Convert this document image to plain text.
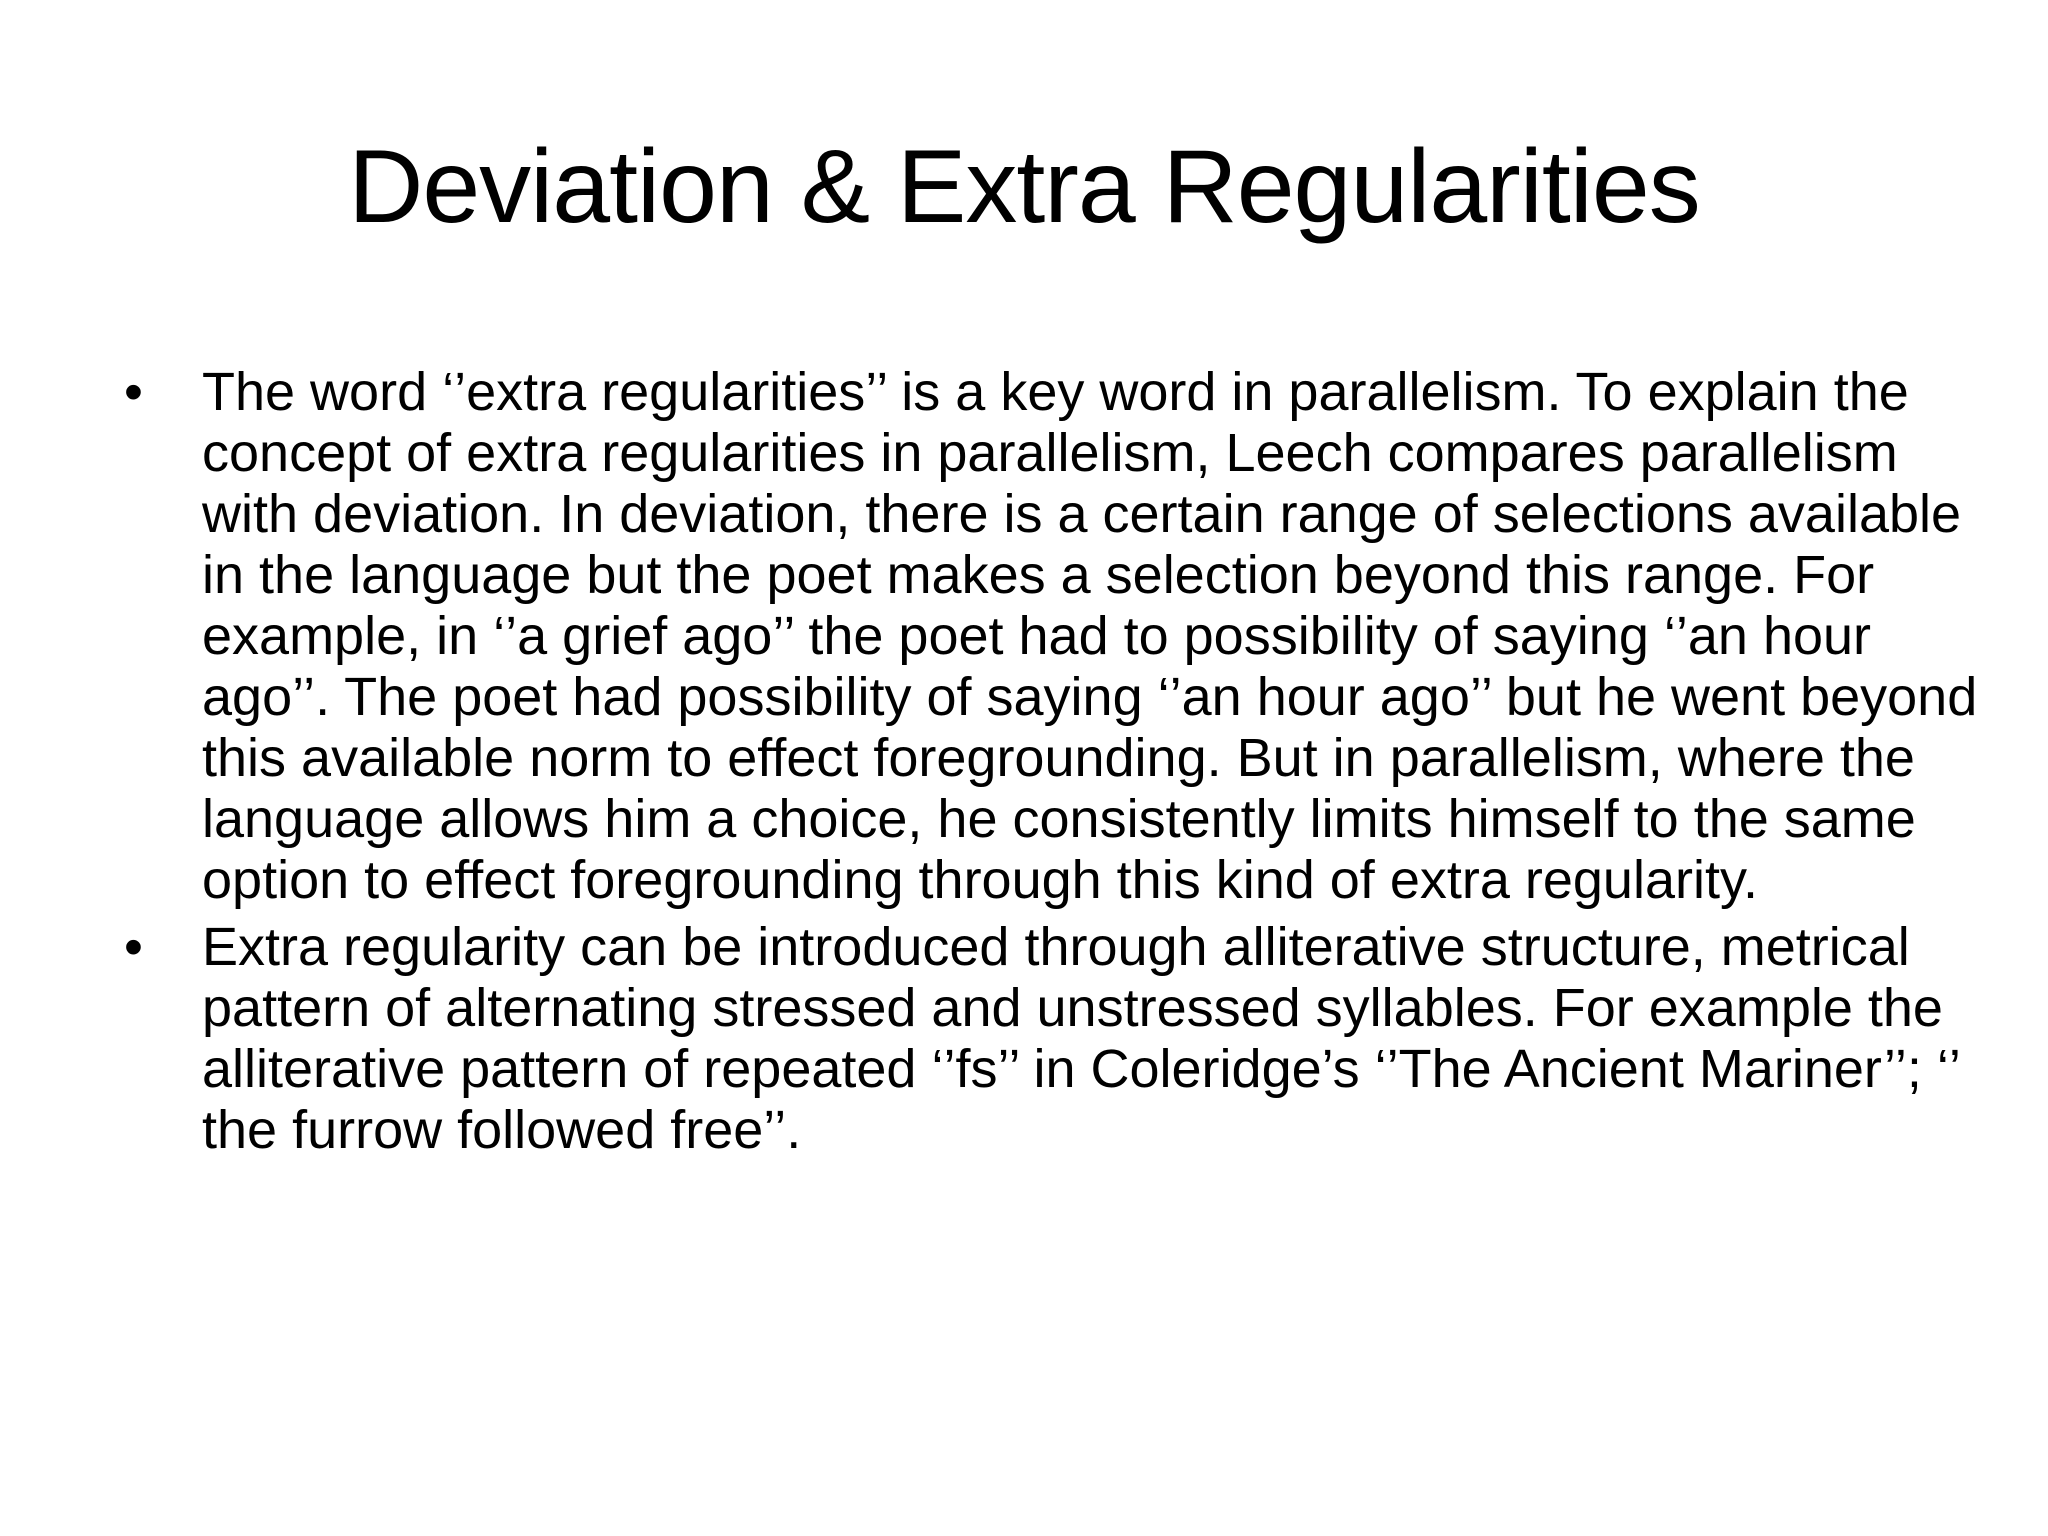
Deviation & Extra Regularities
•	The word ‘’extra regularities’’ is a key word in parallelism. To explain the concept of extra regularities in parallelism, Leech compares parallelism with deviation. In deviation, there is a certain range of selections available in the language but the poet makes a selection beyond this range. For example, in ‘’a grief ago’’ the poet had to possibility of saying ‘’an hour ago’’. The poet had possibility of saying ‘’an hour ago’’ but he went beyond this available norm to effect foregrounding. But in parallelism, where the language allows him a choice, he consistently limits himself to the same option to effect foregrounding through this kind of extra regularity.
•	Extra regularity can be introduced through alliterative structure, metrical pattern of alternating stressed and unstressed syllables. For example the alliterative pattern of repeated ‘’fs’’ in Coleridge’s ‘’The Ancient Mariner’’; ‘’ the furrow followed free’’.
